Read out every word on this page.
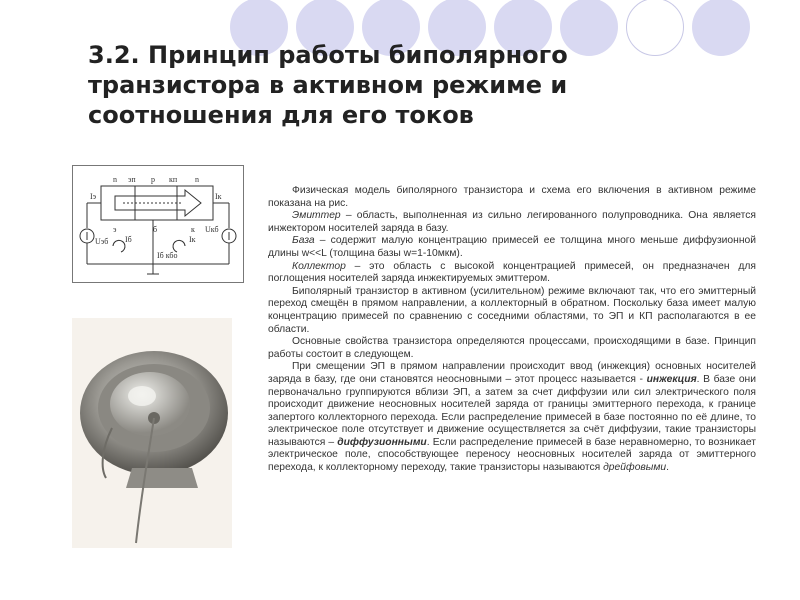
3.2. Принцип работы биполярного транзистора в активном режиме и соотношения для его токов
n эп p кп n
Iэ	Iк
э	б	к
Uэб
Uкб
Iб	Iк
Iб кбо

Физическая модель биполярного транзистора и схема его включения в активном режиме показана на рис.

Эмиттер – область, выполненная из сильно легированного полупроводника. Она является инжектором носителей заряда в базу.

База – содержит малую концентрацию примесей ее толщина много меньше диффузионной длины w<<L (толщина базы w=1-10мкм).

Коллектор – это область с высокой концентрацией примесей, он предназначен для поглощения носителей заряда инжектируемых эмиттером.

Биполярный транзистор в активном (усилительном) режиме включают так, что его эмиттерный переход смещён в прямом направлении, а коллекторный в обратном. Поскольку база имеет малую концентрацию примесей по сравнению с соседними областями, то ЭП и КП располагаются в ее области.

Основные свойства транзистора определяются процессами, происходящими в базе. Принцип работы состоит в следующем.

При смещении ЭП в прямом направлении происходит ввод (инжекция) основных носителей заряда в базу, где они становятся неосновными – этот процесс называется - инжекция. В базе они первоначально группируются вблизи ЭП, а затем за счет диффузии или сил электрического поля происходит движение неосновных носителей заряда от границы эмиттерного перехода, к границе запертого коллекторного перехода. Если распределение примесей в базе постоянно по её длине, то электрическое поле отсутствует и движение осуществляется за счёт диффузии, такие транзисторы называются – диффузионными. Если распределение примесей в базе неравномерно, то возникает электрическое поле, способствующее переносу неосновных носителей заряда от эмиттерного перехода, к коллекторному переходу, такие транзисторы называются дрейфовыми.
